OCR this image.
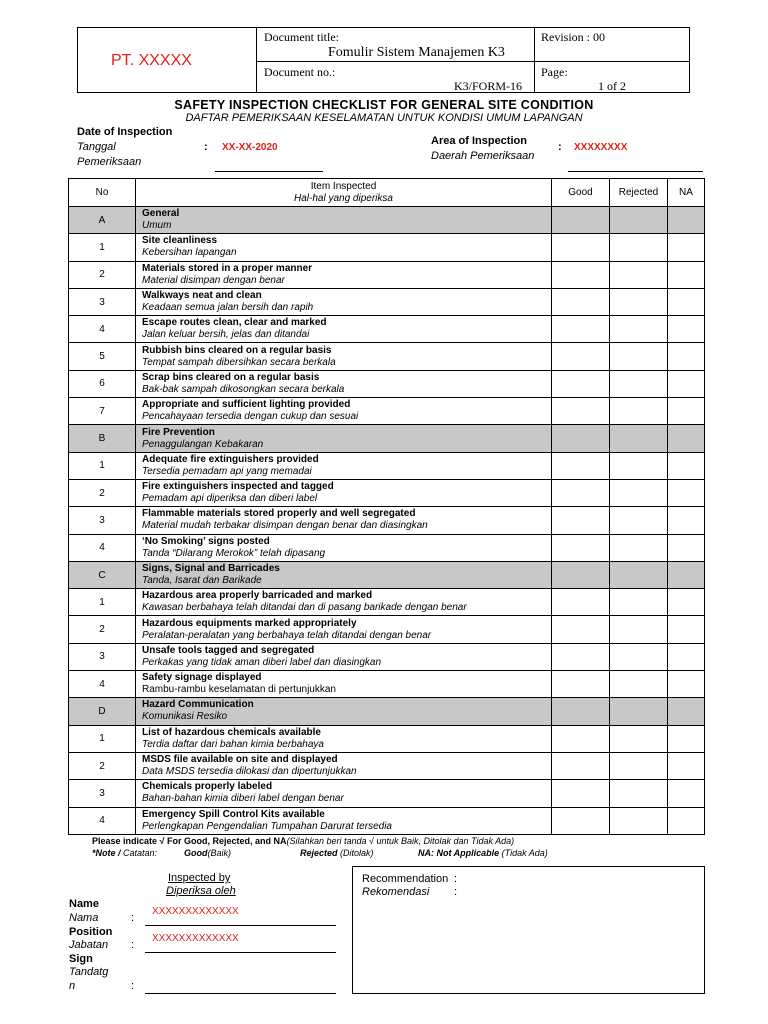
PT. XXXXX
Document title:
Fomulir Sistem Manajemen K3
Revision : 00
Document no.:
K3/FORM-16
Page:
1 of 2
SAFETY INSPECTION CHECKLIST FOR GENERAL SITE CONDITION
DAFTAR PEMERIKSAAN KESELAMATAN UNTUK KONDISI UMUM LAPANGAN
Date of Inspection
Tanggal
Pemeriksaan
: XX-XX-2020
Area of Inspection
Daerah Pemeriksaan
: XXXXXXXX
No	Item Inspected
Hal-hal yang diperiksa	Good	Rejected	NA
A	General
Umum			

1	Site cleanliness
Kebersihan lapangan			

2	Materials stored in a proper manner
Material disimpan dengan benar			

3	Walkways neat and clean
Keadaan semua jalan bersih dan rapih			

4	Escape routes clean, clear and marked
Jalan keluar bersih, jelas dan ditandai			

5	Rubbish bins cleared on a regular basis
Tempat sampah dibersihkan secara berkala			

6	Scrap bins cleared on a regular basis
Bak-bak sampah dikosongkan secara berkala			

7	Appropriate and sufficient lighting provided
Pencahayaan tersedia dengan cukup dan sesuai			

B	Fire Prevention
Penaggulangan Kebakaran			

1	Adequate fire extinguishers provided
Tersedia pemadam api yang memadai			

2	Fire extinguishers inspected and tagged
Pemadam api diperiksa dan diberi label			

3	Flammable materials stored properly and well segregated
Material mudah terbakar disimpan dengan benar dan diasingkan			

4	‘No Smoking’ signs posted
Tanda “Dilarang Merokok” telah dipasang			

C	Signs, Signal and Barricades
Tanda, Isarat dan Barikade			

1	Hazardous area properly barricaded and marked
Kawasan berbahaya telah ditandai dan di pasang barikade dengan benar			

2	Hazardous equipments marked appropriately
Peralatan-peralatan yang berbahaya telah ditandai dengan benar			

3	Unsafe tools tagged and segregated
Perkakas yang tidak aman diberi label dan diasingkan			

4	Safety signage displayed
Rambu-rambu keselamatan di pertunjukkan			

D	Hazard Communication
Komunikasi Resiko			

1	List of hazardous chemicals available
Terdia daftar dari bahan kimia berbahaya			

2	MSDS file available on site and displayed
Data MSDS tersedia dilokasi dan dipertunjukkan			

3	Chemicals properly labeled
Bahan-bahan kimia diberi label dengan benar			

4	Emergency Spill Control Kits available
Perlengkapan Pengendalian Tumpahan Darurat tersedia			

Please indicate √ For Good, Rejected, and NA(Silahkan beri tanda √ untuk Baik, Ditolak dan Tidak Ada)
*Note / Catatan:	Good(Baik)	Rejected (Ditolak)	NA: Not Applicable (Tidak Ada)
Inspected by
Diperiksa oleh
Name
Nama	:
XXXXXXXXXXXXX
Position
Jabatan :
XXXXXXXXXXXXX
Sign
Tandatg
n	:
Recommendation
Rekomendasi
:
:
